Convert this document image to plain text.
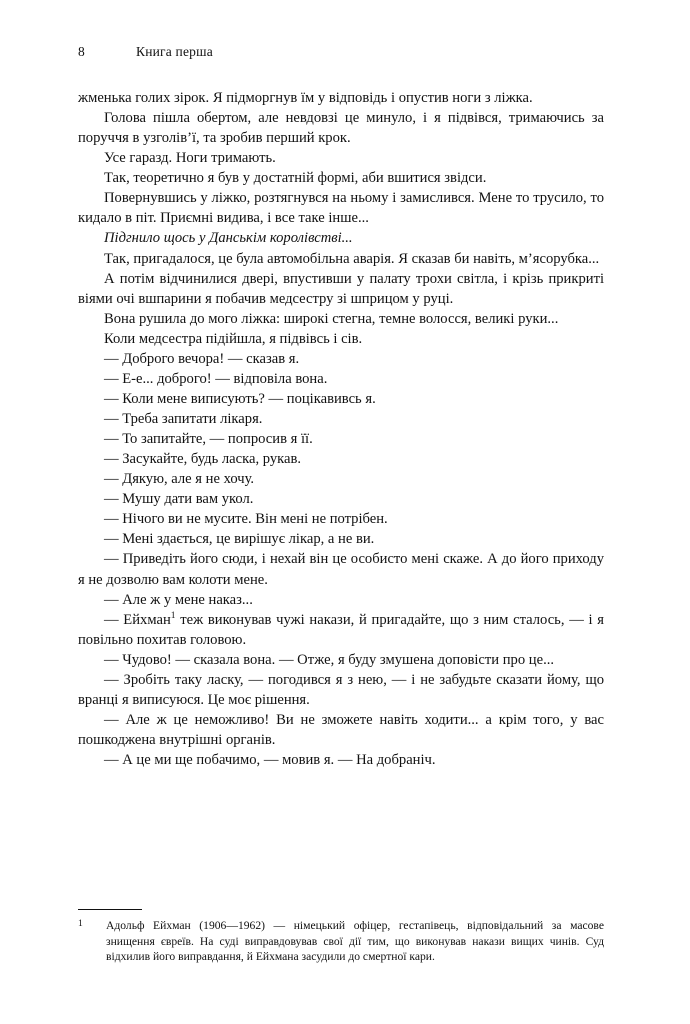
8	Книга перша

жменька голих зірок. Я підморгнув їм у відповідь і опустив ноги з ліжка.

Голова пішла обертом, але невдовзі це минуло, і я підвівся, тримаючись за поруччя в узголів’ї, та зробив перший крок.

Усе гаразд. Ноги тримають.

Так, теоретично я був у достатній формі, аби вшитися звідси.

Повернувшись у ліжко, розтягнувся на ньому і замислився. Мене то трусило, то кидало в піт. Приємні видива, і все таке інше...

Підгнило щось у Данськім королівстві...

Так, пригадалося, це була автомобільна аварія. Я сказав би навіть, м’ясорубка...

А потім відчинилися двері, впустивши у палату трохи світла, і крізь прикриті віями очі вшпарини я побачив медсестру зі шприцом у руці.

Вона рушила до мого ліжка: широкі стегна, темне волосся, великі руки...

Коли медсестра підійшла, я підвівсь і сів.

— Доброго вечора! — сказав я.

— Е-е... доброго! — відповіла вона.

— Коли мене виписують? — поцікавивсь я.

— Треба запитати лікаря.

— То запитайте, — попросив я її.

— Засукайте, будь ласка, рукав.

— Дякую, але я не хочу.

— Мушу дати вам укол.

— Нічого ви не мусите. Він мені не потрібен.

— Мені здається, це вирішує лікар, а не ви.

— Приведіть його сюди, і нехай він це особисто мені скаже. А до його приходу я не дозволю вам колоти мене.

— Але ж у мене наказ...

— Ейхман$^1$ теж виконував чужі накази, й пригадайте, що з ним сталось, — і я повільно похитав головою.

— Чудово! — сказала вона. — Отже, я буду змушена доповісти про це...

— Зробіть таку ласку, — погодився я з нею, — і не забудьте сказати йому, що вранці я виписуюся. Це моє рішення.

— Але ж це неможливо! Ви не зможете навіть ходити... а крім того, у вас пошкоджена внутрішні органів.

— А це ми ще побачимо, — мовив я. — На добраніч.

1 Адольф Ейхман (1906—1962) — німецький офіцер, гестапівець, відповідальний за масове знищення євреїв. На суді виправдовував свої дії тим, що виконував накази вищих чинів. Суд відхилив його виправдання, й Ейхмана засудили до смертної кари.
